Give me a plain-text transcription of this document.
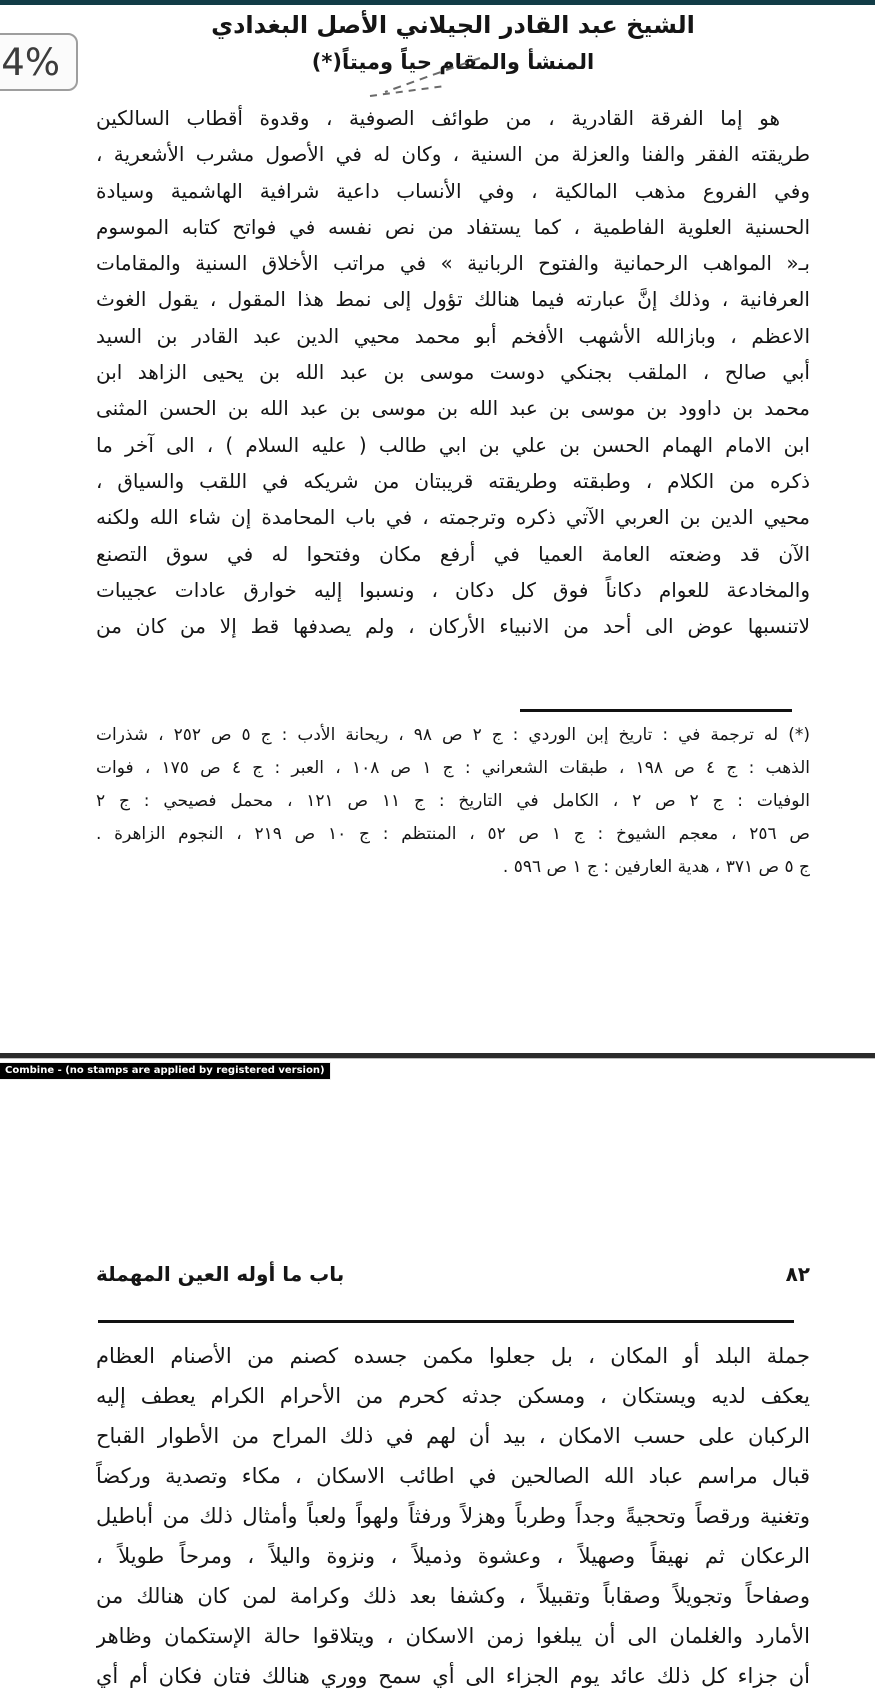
4%
الشيخ عبد القادر الجيلاني الأصل البغدادي
المنشأ والمقام حياً وميتاً(*)
هو إما الفرقة القادرية ، من طوائف الصوفية ، وقدوة أقطاب السالكين
طريقته الفقر والفنا والعزلة من السنية ، وكان له في الأصول مشرب الأشعرية ،
وفي الفروع مذهب المالكية ، وفي الأنساب داعية شرافية الهاشمية وسيادة
الحسنية العلوية الفاطمية ، كما يستفاد من نص نفسه في فواتح كتابه الموسوم
بـ« المواهب الرحمانية والفتوح الربانية » في مراتب الأخلاق السنية والمقامات
العرفانية ، وذلك إنَّ عبارته فيما هنالك تؤول إلى نمط هذا المقول ، يقول الغوث
الاعظم ، وبازالله الأشهب الأفخم أبو محمد محيي الدين عبد القادر بن السيد
أبي صالح ، الملقب بجنكي دوست موسى بن عبد الله بن يحيى الزاهد ابن
محمد بن داوود بن موسى بن عبد الله بن موسى بن عبد الله بن الحسن المثنى
ابن الامام الهمام الحسن بن علي بن ابي طالب ( عليه السلام ) ، الى آخر ما
ذكره من الكلام ، وطبقته وطريقته قريبتان من شريكه في اللقب والسياق ،
محيي الدين بن العربي الآتي ذكره وترجمته ، في باب المحامدة إن شاء الله ولكنه
الآن قد وضعته العامة العميا في أرفع مكان وفتحوا له في سوق التصنع
والمخادعة للعوام دكاناً فوق كل دكان ، ونسبوا إليه خوارق عادات عجيبات
لاتنسبها عوض الى أحد من الانبياء الأركان ، ولم يصدفها قط إلا من كان من
(*) له ترجمة في : تاريخ إبن الوردي : ج ٢ ص ٩٨ ، ريحانة الأدب : ج ٥ ص ٢٥٢ ، شذرات
الذهب : ج ٤ ص ١٩٨ ، طبقات الشعراني : ج ١ ص ١٠٨ ، العبر : ج ٤ ص ١٧٥ ، فوات
الوفيات : ج ٢ ص ٢ ، الكامل في التاريخ : ج ١١ ص ١٢١ ، محمل فصيحي : ج ٢
ص ٢٥٦ ، معجم الشيوخ : ج ١ ص ٥٢ ، المنتظم : ج ١٠ ص ٢١٩ ، النجوم الزاهرة .
ج ٥ ص ٣٧١ ، هدية العارفين : ج ١ ص ٥٩٦ .
Combine - (no stamps are applied by registered version)
٨٢
باب ما أوله العين المهملة
جملة البلد أو المكان ، بل جعلوا مكمن جسده كصنم من الأصنام العظام
يعكف لديه ويستكان ، ومسكن جدثه كحرم من الأحرام الكرام يعطف إليه
الركبان على حسب الامكان ، بيد أن لهم في ذلك المراح من الأطوار القباح
قبال مراسم عباد الله الصالحين في اطائب الاسكان ، مكاء وتصدية وركضاً
وتغنية ورقصاً وتحجيةً وجداً وطرباً وهزلاً ورفثاً ولهواً ولعباً وأمثال ذلك من أباطيل
الرعكان ثم نهيقاً وصهيلاً ، وعشوة وذميلاً ، ونزوة واليلاً ، ومرحاً طويلاً ،
وصفاحاً وتجويلاً وصقاباً وتقبيلاً ، وكشفا بعد ذلك وكرامة لمن كان هنالك من
الأمارد والغلمان الى أن يبلغوا زمن الاسكان ، ويتلاقوا حالة الإستكمان وظاهر
أن جزاء كل ذلك عائد يوم الجزاء الى أي سمح ووري هنالك فتان فكان أم أي
